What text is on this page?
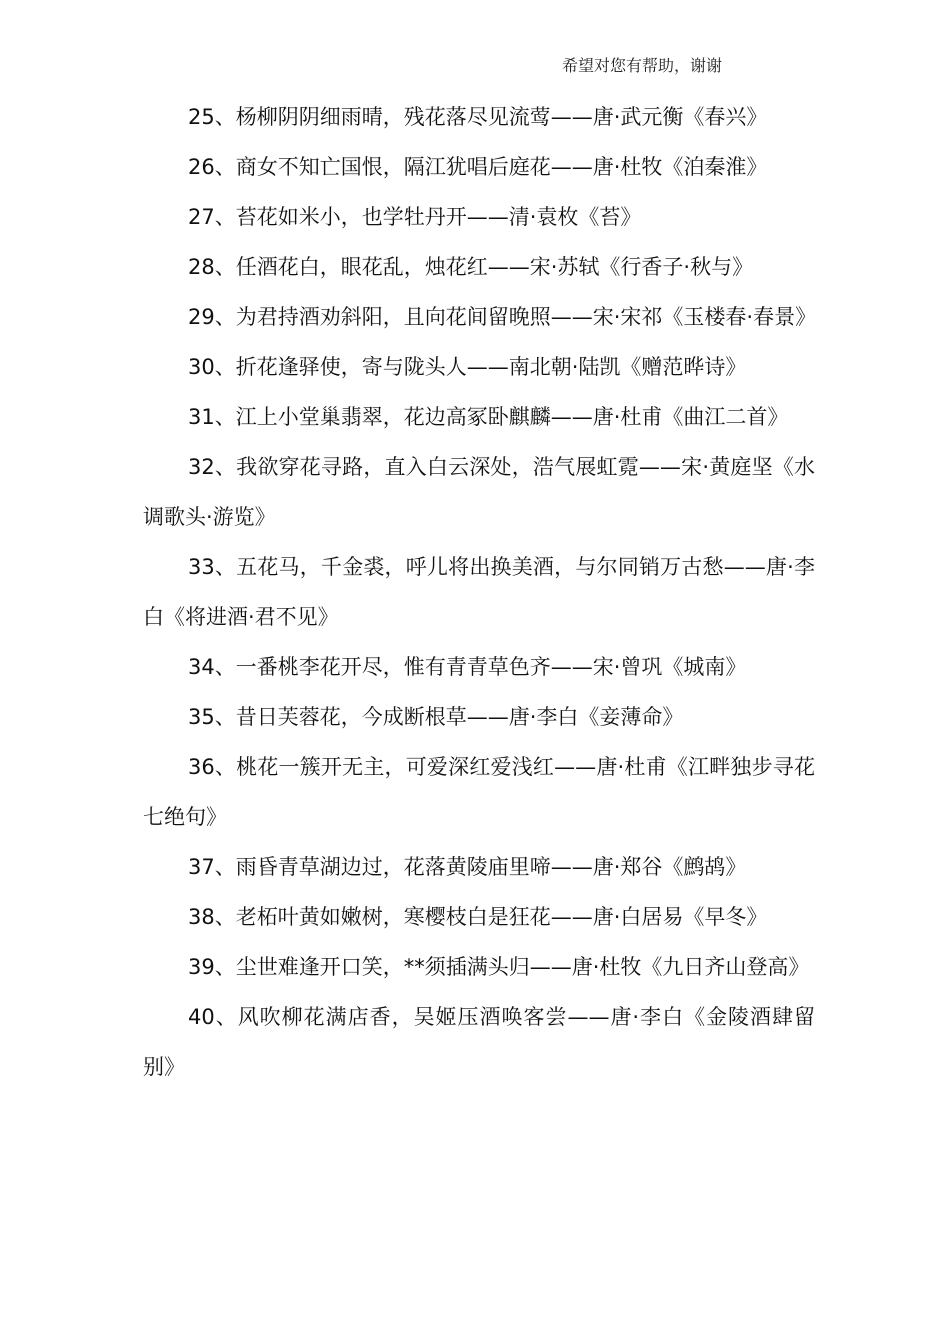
希望对您有帮助，谢谢

25、杨柳阴阴细雨晴，残花落尽见流莺——唐·武元衡《春兴》

26、商女不知亡国恨，隔江犹唱后庭花——唐·杜牧《泊秦淮》

27、苔花如米小，也学牡丹开——清·袁枚《苔》

28、任酒花白，眼花乱，烛花红——宋·苏轼《行香子·秋与》

29、为君持酒劝斜阳，且向花间留晚照——宋·宋祁《玉楼春·春景》

30、折花逢驿使，寄与陇头人——南北朝·陆凯《赠范晔诗》

31、江上小堂巢翡翠，花边高冢卧麒麟——唐·杜甫《曲江二首》

32、我欲穿花寻路，直入白云深处，浩气展虹霓——宋·黄庭坚《水调歌头·游览》

33、五花马，千金裘，呼儿将出换美酒，与尔同销万古愁——唐·李白《将进酒·君不见》

34、一番桃李花开尽，惟有青青草色齐——宋·曾巩《城南》

35、昔日芙蓉花，今成断根草——唐·李白《妾薄命》

36、桃花一簇开无主，可爱深红爱浅红——唐·杜甫《江畔独步寻花七绝句》

37、雨昏青草湖边过，花落黄陵庙里啼——唐·郑谷《鹧鸪》

38、老柘叶黄如嫩树，寒樱枝白是狂花——唐·白居易《早冬》

39、尘世难逢开口笑，**须插满头归——唐·杜牧《九日齐山登高》

40、风吹柳花满店香，吴姬压酒唤客尝——唐·李白《金陵酒肆留别》
